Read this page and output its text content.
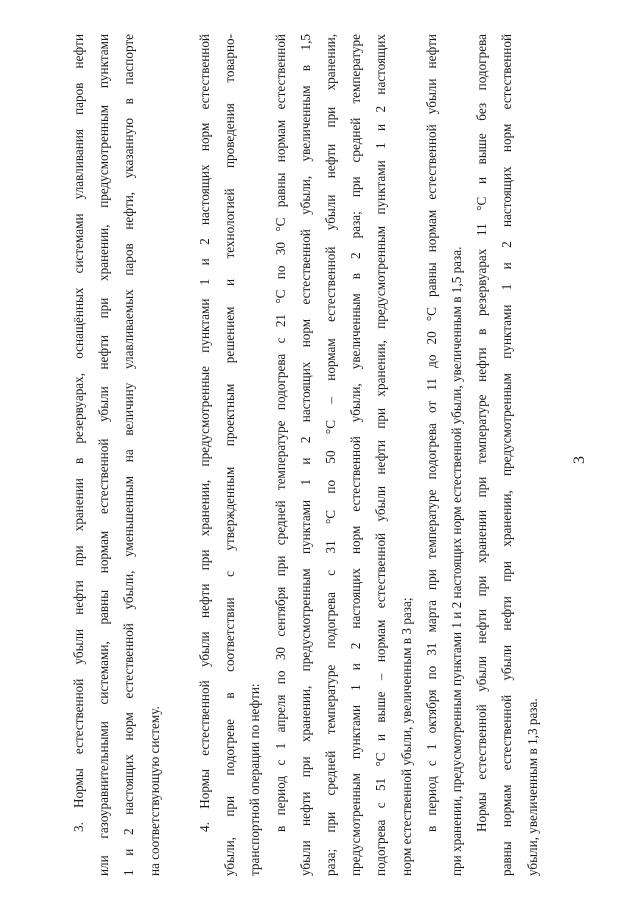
3
3. Нормы естественной убыли нефти при хранении в резервуарах, оснащённых системами улавливания паров нефти или газоуравнительными системами, равны нормам естественной убыли нефти при хранении, предусмотренным пунктами 1 и 2 настоящих норм естественной убыли, уменьшенным на величину улавливаемых паров нефти, указанную в паспорте на соответствующую систему.
	4. Нормы естественной убыли нефти при хранении, предусмотренные пунктами 1 и 2 настоящих норм естественной убыли, при подогреве в соответствии с утвержденным проектным решением и технологией проведения товарно- транспортной операции по нефти: в период с 1 апреля по 30 сентября при средней температуре подогрева с 21 °С по 30 °С равны нормам естественной убыли нефти при хранении, предусмотренным пунктами 1 и 2 настоящих норм естественной убыли, увеличенным в 1,5 раза; при средней температуре подогрева с 31 °С по 50 °С – нормам естественной убыли нефти при хранении, предусмотренным пунктами 1 и 2 настоящих норм естественной убыли, увеличенным в 2 раза; при средней температуре подогрева с 51 °С и выше – нормам естественной убыли нефти при хранении, предусмотренным пунктами 1 и 2 настоящих норм естественной убыли, увеличенным в 3 раза; в период с 1 октября по 31 марта при температуре подогрева от 11 до 20 °С равны нормам естественной убыли нефти при хранении, предусмотренным пунктами 1 и 2 настоящих норм естественной убыли, увеличенным в 1,5 раза. Нормы естественной убыли нефти при хранении при температуре нефти в резервуарах 11 °С и выше без подогрева равны нормам естественной убыли нефти при хранении, предусмотренным пунктами 1 и 2 настоящих норм естественной убыли, увеличенным в 1,3 раза.
